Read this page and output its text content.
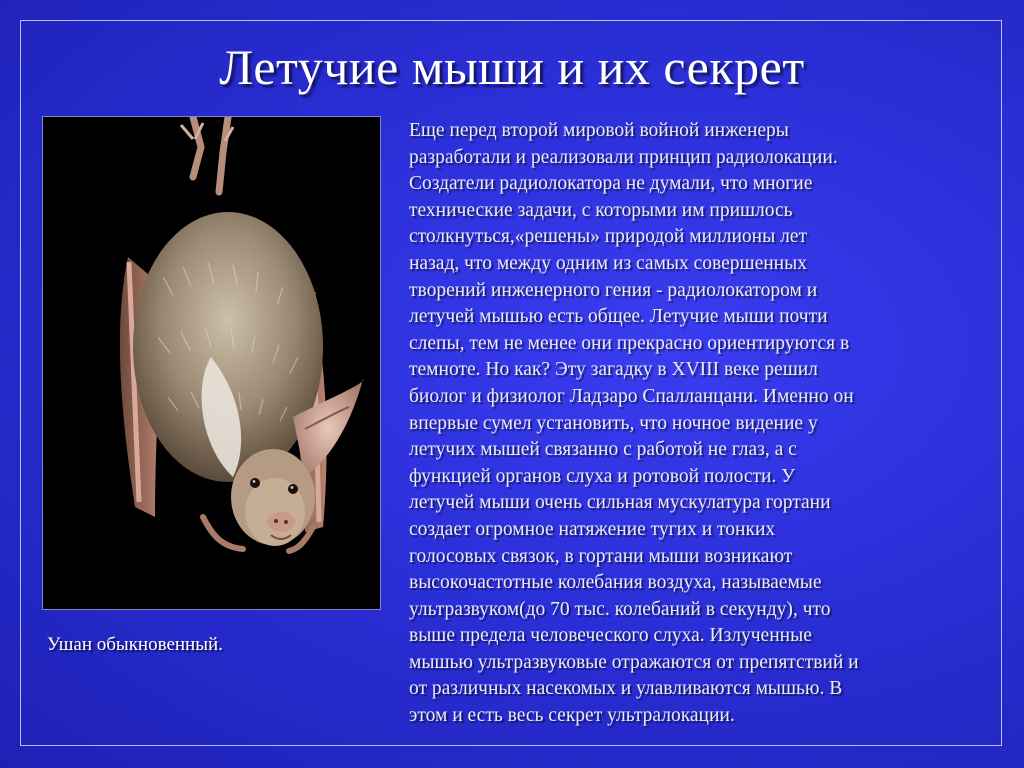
Летучие мыши и их секрет
Ушан обыкновенный.

Еще перед второй мировой войной инженеры
разработали и реализовали принцип радиолокации.
Создатели радиолокатора не думали, что многие
технические задачи, с которыми им пришлось
столкнуться,«решены» природой миллионы лет
назад, что между одним из самых совершенных
творений инженерного гения - радиолокатором и
летучей мышью есть общее. Летучие мыши почти
слепы, тем не менее они прекрасно ориентируются в
темноте. Но как? Эту загадку в XVIII веке решил
биолог и физиолог Ладзаро Спалланцани. Именно он
впервые сумел установить, что ночное видение у
летучих мышей связанно с работой не глаз, а с
функцией органов слуха и ротовой полости. У
летучей мыши очень сильная мускулатура гортани
создает огромное натяжение тугих и тонких
голосовых связок, в гортани мыши возникают
высокочастотные колебания воздуха, называемые
ультразвуком(до 70 тыс. колебаний в секунду), что
выше предела человеческого слуха. Излученные
мышью ультразвуковые отражаются от препятствий и
от различных насекомых и улавливаются мышью. В
этом и есть весь секрет ультралокации.
